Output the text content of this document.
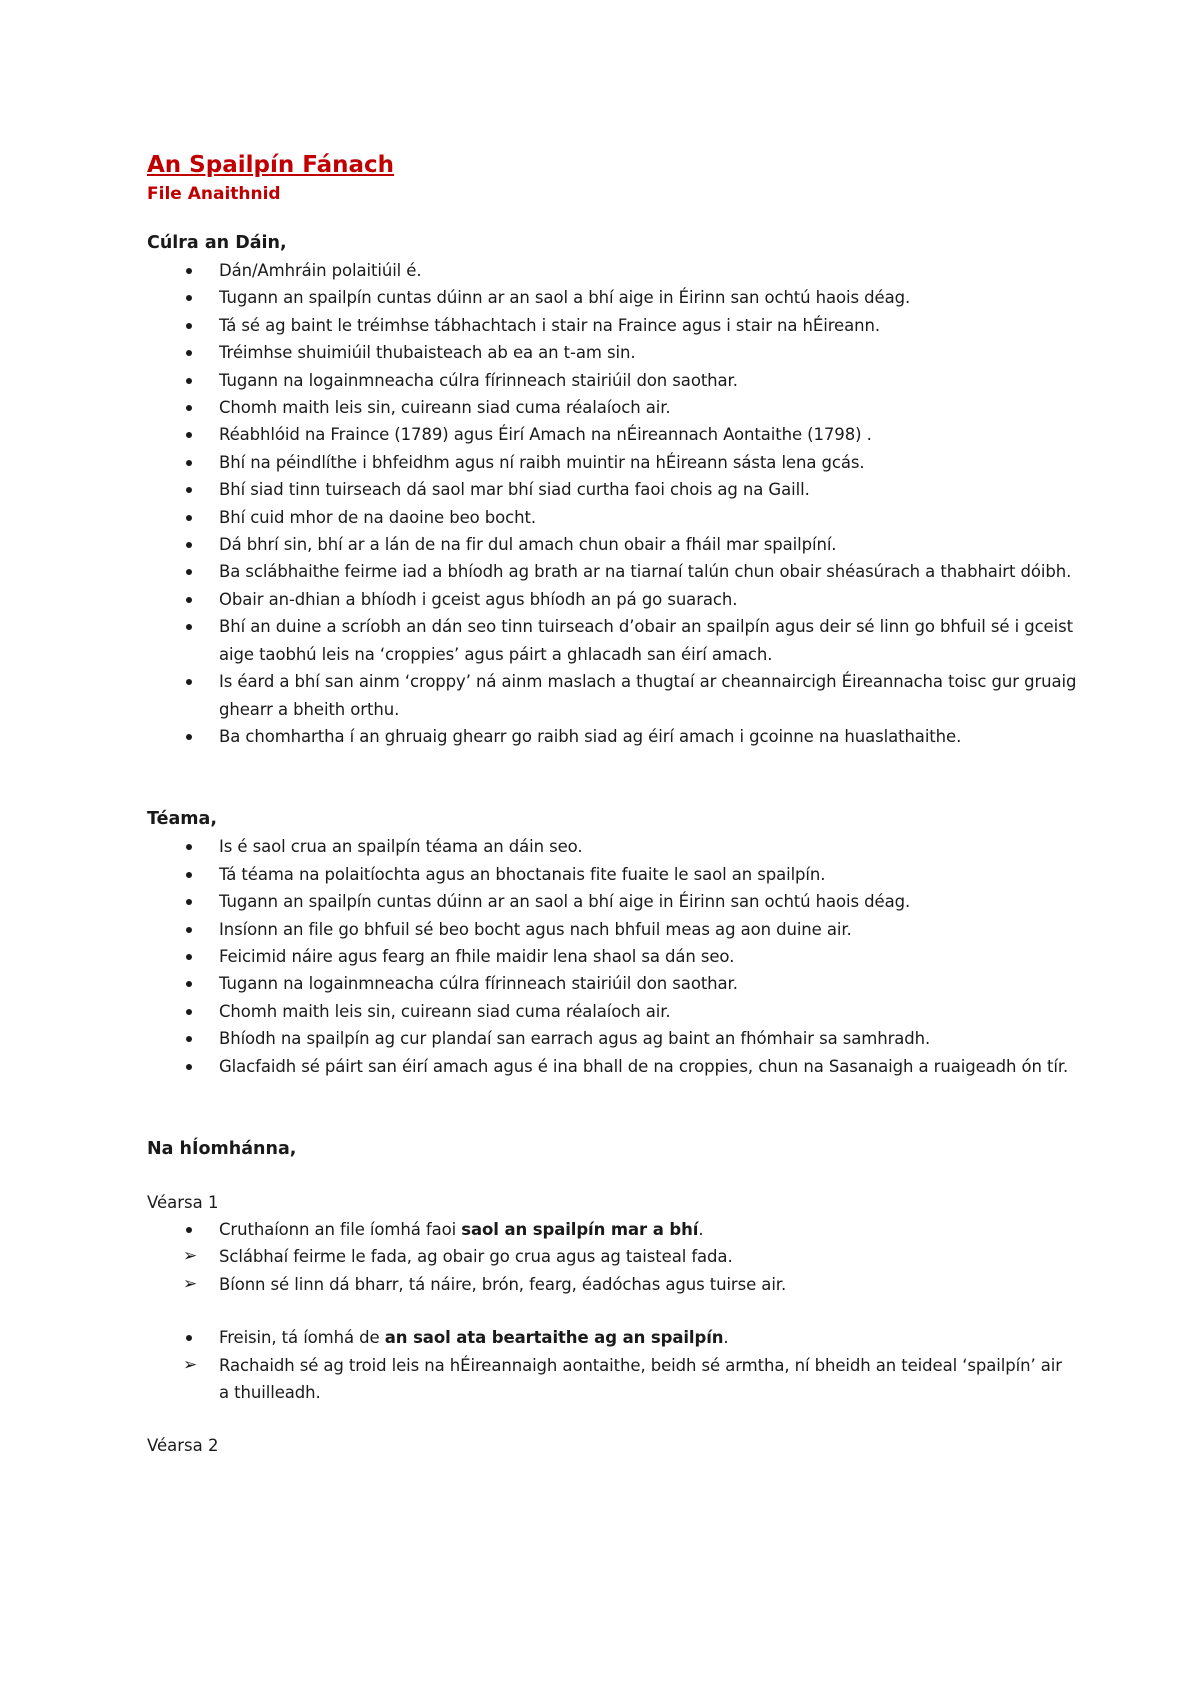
An Spailpín Fánach

File Anaithnid

Cúlra an Dáin,

Dán/Amhráin polaitiúil é.
Tugann an spailpín cuntas dúinn ar an saol a bhí aige in Éirinn san ochtú haois déag.
Tá sé ag baint le tréimhse tábhachtach i stair na Fraince agus i stair na hÉireann.
Tréimhse shuimiúil thubaisteach ab ea an t-am sin.
Tugann na logainmneacha cúlra fírinneach stairiúil don saothar.
Chomh maith leis sin, cuireann siad cuma réalaíoch air.
Réabhlóid na Fraince (1789) agus Éirí Amach na nÉireannach Aontaithe (1798) .
Bhí na péindlíthe i bhfeidhm agus ní raibh muintir na hÉireann sásta lena gcás.
Bhí siad tinn tuirseach dá saol mar bhí siad curtha faoi chois ag na Gaill.
Bhí cuid mhor de na daoine beo bocht.
Dá bhrí sin, bhí ar a lán de na fir dul amach chun obair a fháil mar spailpíní.
Ba sclábhaithe feirme iad a bhíodh ag brath ar na tiarnaí talún chun obair shéasúrach a thabhairt dóibh.
Obair an-dhian a bhíodh i gceist agus bhíodh an pá go suarach.
Bhí an duine a scríobh an dán seo tinn tuirseach d’obair an spailpín agus deir sé linn go bhfuil sé i gceist aige taobhú leis na ‘croppies’ agus páirt a ghlacadh san éirí amach.
Is éard a bhí san ainm ‘croppy’ ná ainm maslach a thugtaí ar cheannaircigh Éireannacha toisc gur gruaig ghearr a bheith orthu.
Ba chomhartha í an ghruaig ghearr go raibh siad ag éirí amach i gcoinne na huaslathaithe.

Téama,

Is é saol crua an spailpín téama an dáin seo.
Tá téama na polaitíochta agus an bhoctanais fite fuaite le saol an spailpín.
Tugann an spailpín cuntas dúinn ar an saol a bhí aige in Éirinn san ochtú haois déag.
Insíonn an file go bhfuil sé beo bocht agus nach bhfuil meas ag aon duine air.
Feicimid náire agus fearg an fhile maidir lena shaol sa dán seo.
Tugann na logainmneacha cúlra fírinneach stairiúil don saothar.
Chomh maith leis sin, cuireann siad cuma réalaíoch air.
Bhíodh na spailpín ag cur plandaí san earrach agus ag baint an fhómhair sa samhradh.
Glacfaidh sé páirt san éirí amach agus é ina bhall de na croppies, chun na Sasanaigh a ruaigeadh ón tír.

Na hÍomhánna,

Véarsa 1

Cruthaíonn an file íomhá faoi saol an spailpín mar a bhí.
➢ Sclábhaí feirme le fada, ag obair go crua agus ag taisteal fada.
➢ Bíonn sé linn dá bharr, tá náire, brón, fearg, éadóchas agus tuirse air.
Freisin, tá íomhá de an saol ata beartaithe ag an spailpín.
➢ Rachaidh sé ag troid leis na hÉireannaigh aontaithe, beidh sé armtha, ní bheidh an teideal ‘spailpín’ air a thuilleadh.

Véarsa 2
